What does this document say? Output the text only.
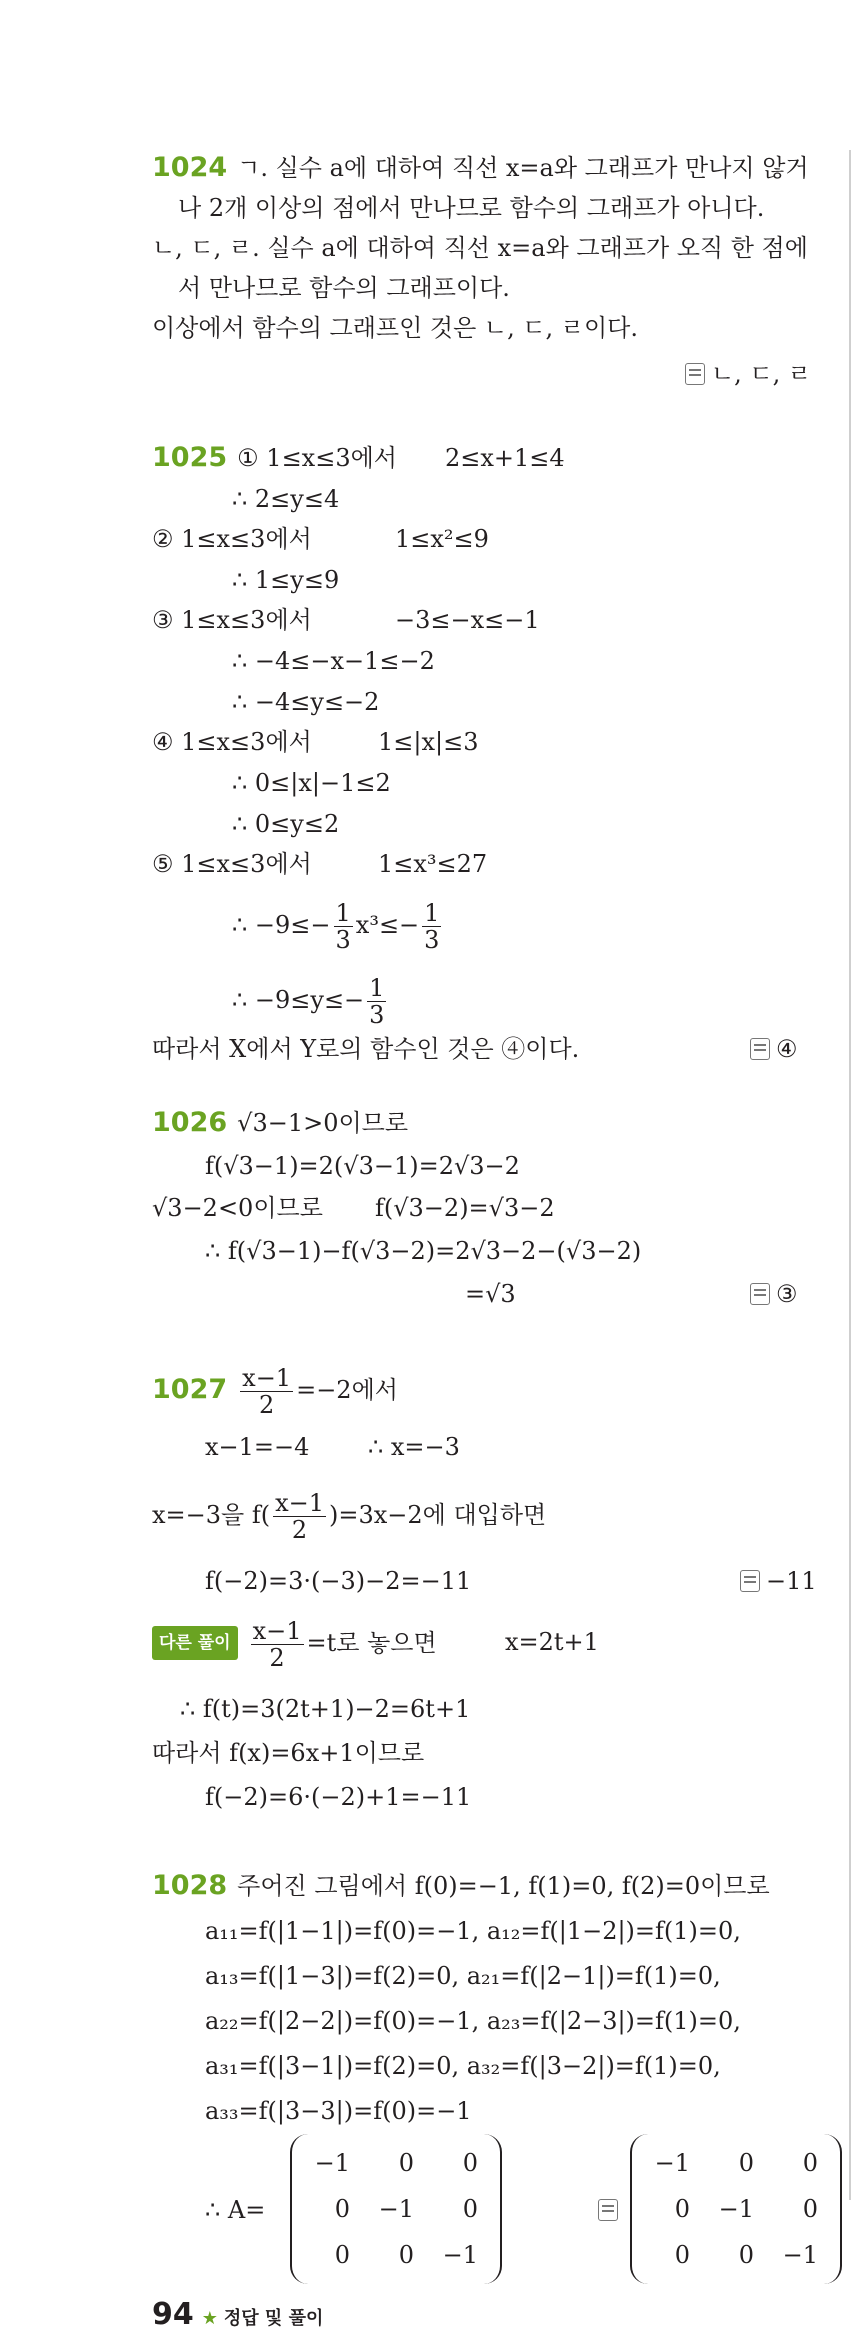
1024 ㄱ. 실수 a에 대하여 직선 x=a와 그래프가 만나지 않거
나 2개 이상의 점에서 만나므로 함수의 그래프가 아니다.
ㄴ, ㄷ, ㄹ. 실수 a에 대하여 직선 x=a와 그래프가 오직 한 점에
서 만나므로 함수의 그래프이다.
이상에서 함수의 그래프인 것은 ㄴ, ㄷ, ㄹ이다.
ㄴ, ㄷ, ㄹ
1025 ① 1≤x≤3에서 2≤x+1≤4
∴ 2≤y≤4
② 1≤x≤3에서	1≤x²≤9
∴ 1≤y≤9
③ 1≤x≤3에서	−3≤−x≤−1
∴ −4≤−x−1≤−2
∴ −4≤y≤−2
④ 1≤x≤3에서	1≤|x|≤3
∴ 0≤|x|−1≤2
∴ 0≤y≤2
⑤ 1≤x≤3에서	1≤x³≤27
∴ $-9\le- \frac{1}{3} x^3\le- \frac{1}{3}$
∴ $-9\le y\le- \frac{1}{3}$
따라서 X에서 Y로의 함수인 것은 ④이다.	④
1026 √3−1>0이므로
f(√3−1)=2(√3−1)=2√3−2
√3−2<0이므로 f(√3−2)=√3−2
∴ f(√3−1)−f(√3−2)=2√3−2−(√3−2)
=√3	③
$1027 \frac{x-1}{2} =-2$에서
x−1=−4 ∴ x=−3
x=−3을 $f( \frac{x-1}{2} )=3x-2$에 대입하면
f(−2)=3·(−3)−2=−11	−11
다른 풀이 $\frac{x-1}{2} =t$로 놓으면	x=2t+1
∴ f(t)=3(2t+1)−2=6t+1
따라서 f(x)=6x+1이므로
f(−2)=6·(−2)+1=−11
1028 주어진 그림에서 f(0)=−1, f(1)=0, f(2)=0이므로
a₁₁=f(|1−1|)=f(0)=−1, a₁₂=f(|1−2|)=f(1)=0,
a₁₃=f(|1−3|)=f(2)=0, a₂₁=f(|2−1|)=f(1)=0,
a₂₂=f(|2−2|)=f(0)=−1, a₂₃=f(|2−3|)=f(1)=0,
a₃₁=f(|3−1|)=f(2)=0, a₃₂=f(|3−2|)=f(1)=0,
a₃₃=f(|3−3|)=f(0)=−1
∴ A=
−1	0	0
0	−1	0
0	0	−1
−1	0	0
0	−1	0
0	0	−1
94 ★ 정답 및 풀이
